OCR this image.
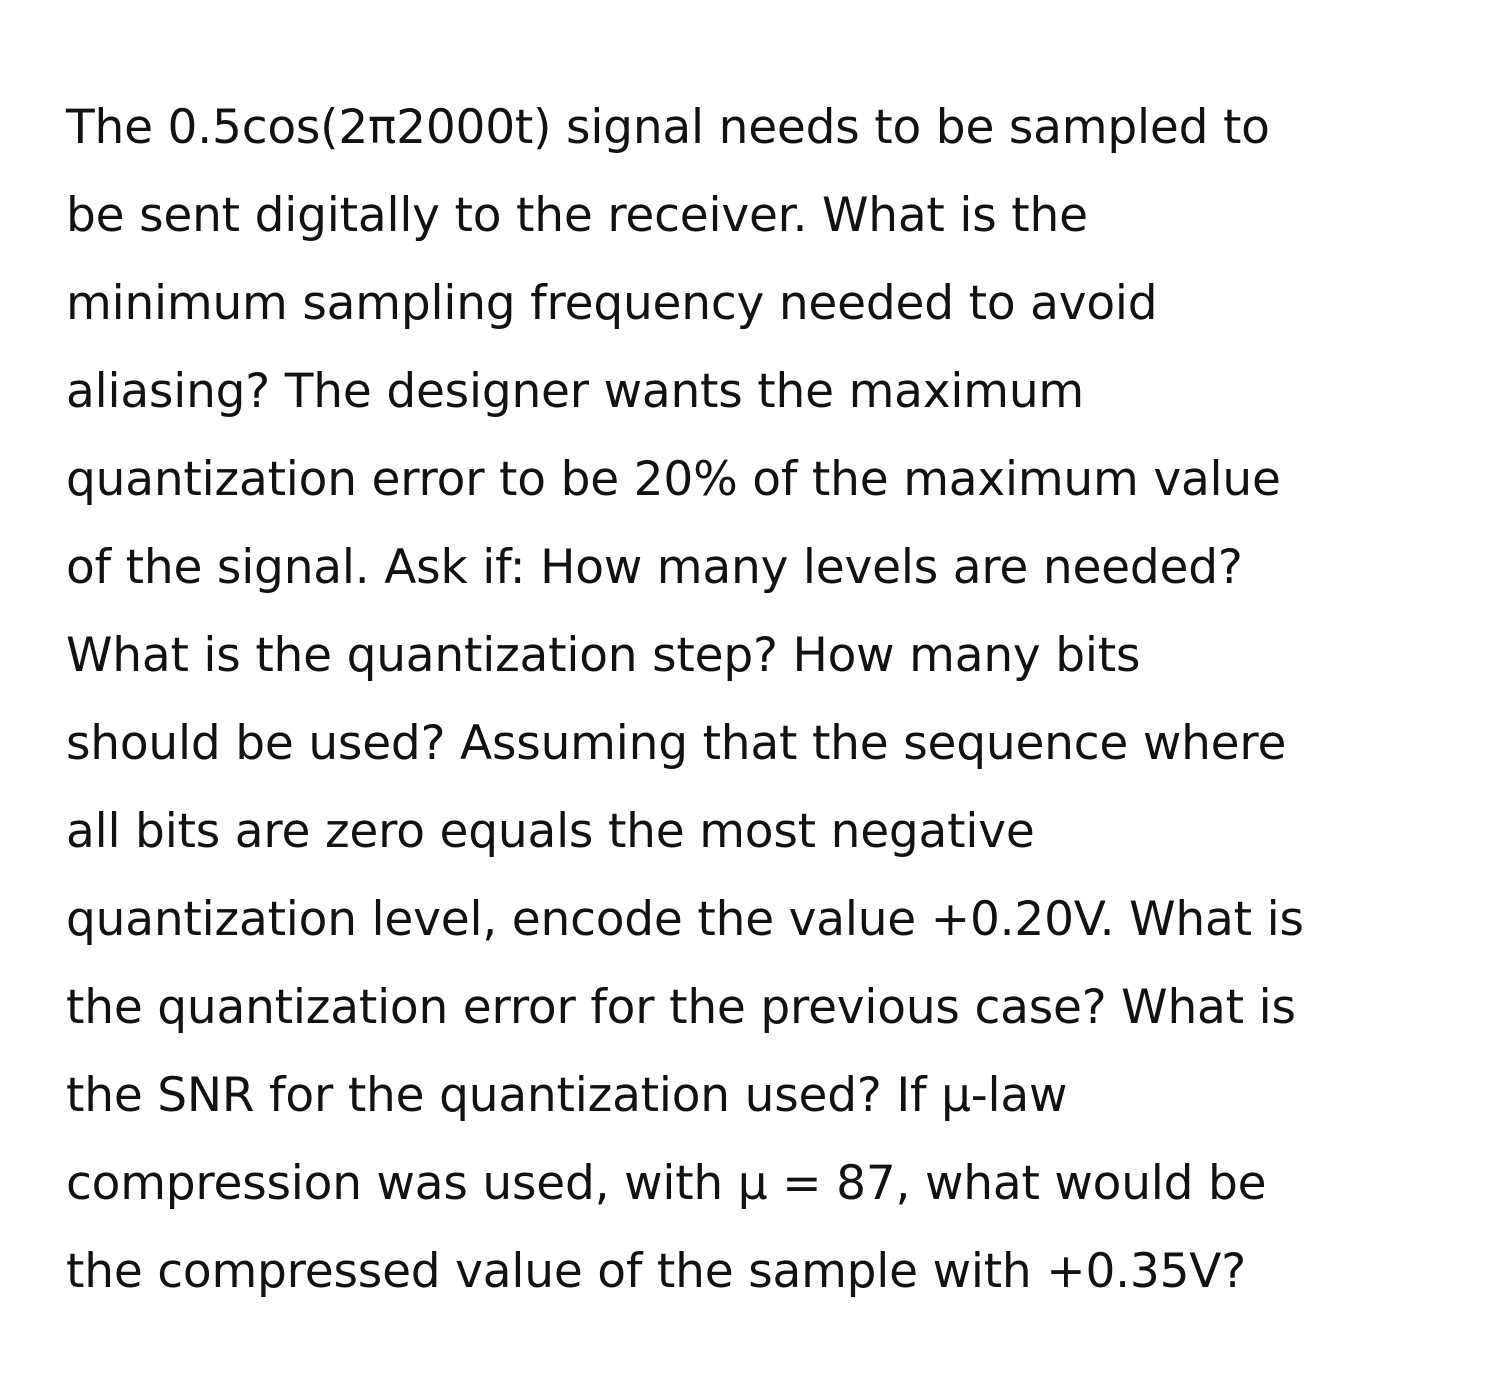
The 0.5cos(2π2000t) signal needs to be sampled to
be sent digitally to the receiver. What is the
minimum sampling frequency needed to avoid
aliasing? The designer wants the maximum
quantization error to be 20% of the maximum value
of the signal. Ask if: How many levels are needed?
What is the quantization step? How many bits
should be used? Assuming that the sequence where
all bits are zero equals the most negative
quantization level, encode the value +0.20V. What is
the quantization error for the previous case? What is
the SNR for the quantization used? If μ-law
compression was used, with μ = 87, what would be
the compressed value of the sample with +0.35V?
